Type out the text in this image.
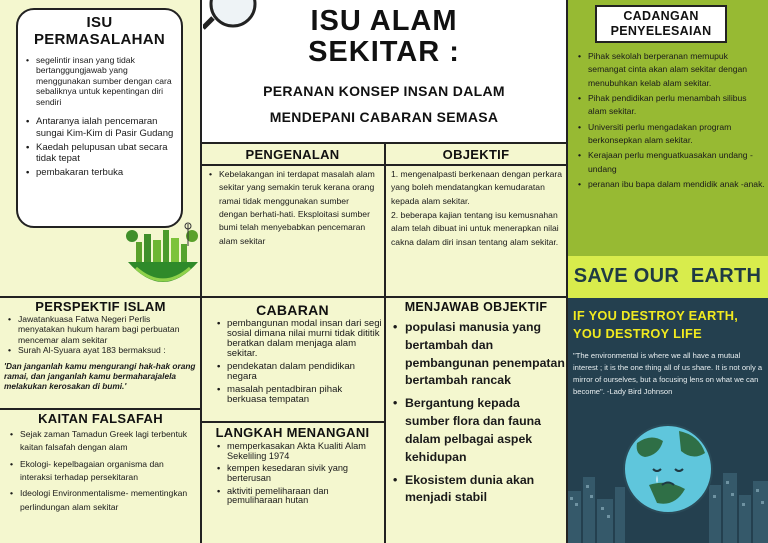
ISU
PERMASALAHAN
• segelintir insan yang tidak bertanggungjawab yang menggunakan sumber dengan cara sebaliknya untuk kepentingan diri sendiri
• Antaranya ialah pencemaran sungai Kim-Kim di Pasir Gudang
• Kaedah pelupusan ubat secara tidak tepat
• pembakaran terbuka
ISU ALAM
SEKITAR :
PERANAN KONSEP INSAN DALAM
MENDEPANI CABARAN SEMASA
PENGENALAN
• Kebelakangan ini terdapat masalah alam sekitar yang semakin teruk kerana orang ramai tidak menggunakan sumber dengan berhati-hati. Eksploitasi sumber bumi telah menyebabkan pencemaran alam sekitar
OBJEKTIF

1. mengenalpasti berkenaan dengan perkara yang boleh mendatangkan kemudaratan kepada alam sekitar.

2. beberapa kajian tentang isu kemusnahan alam telah dibuat ini untuk menerapkan nilai cakna dalam diri insan tentang alam sekitar.

CADANGAN
PENYELESAIAN
• Pihak sekolah berperanan memupuk semangat cinta akan alam sekitar dengan menubuhkan kelab alam sekitar.
• Pihak pendidikan perlu menambah silibus alam sekitar.
• Universiti perlu mengadakan program berkonsepkan alam sekitar.
• Kerajaan perlu menguatkuasakan undang -undang
• peranan ibu bapa dalam mendidik anak -anak.
PERSPEKTIF ISLAM
• Jawatankuasa Fatwa Negeri Perlis menyatakan hukum haram bagi perbuatan mencemar alam sekitar
• Surah Al-Syuara ayat 183 bermaksud :

'Dan janganlah kamu mengurangi hak-hak orang ramai, dan janganlah kamu bermaharajalela melakukan kerosakan di bumi.'

KAITAN FALSAFAH
• Sejak zaman Tamadun Greek lagi terbentuk kaitan falsafah dengan alam
• Ekologi- kepelbagaian organisma dan interaksi terhadap persekitaran
• Ideologi Environmentalisme- mementingkan perlindungan alam sekitar
CABARAN
• pembangunan modal insan dari segi sosial dimana nilai murni tidak dititik beratkan dalam menjaga alam sekitar.
• pendekatan dalam pendidikan negara
• masalah pentadbiran pihak berkuasa tempatan
LANGKAH MENANGANI
• memperkasakan Akta Kualiti Alam Sekeliling 1974
• kempen kesedaran sivik yang berterusan
• aktiviti pemeliharaan dan pemuliharaan hutan
MENJAWAB OBJEKTIF
• populasi manusia yang bertambah dan pembangunan penempatan bertambah rancak
• Bergantung kepada sumber flora dan fauna dalam pelbagai aspek kehidupan
• Ekosistem dunia akan menjadi stabil
SAVE OUR  EARTH
IF YOU DESTROY EARTH,
YOU DESTROY LIFE

"The environmental is where we all have a mutual interest ; it is the one thing all of us share. It is not only a mirror of ourselves, but a focusing lens on what we can become". -Lady Bird Johnson
